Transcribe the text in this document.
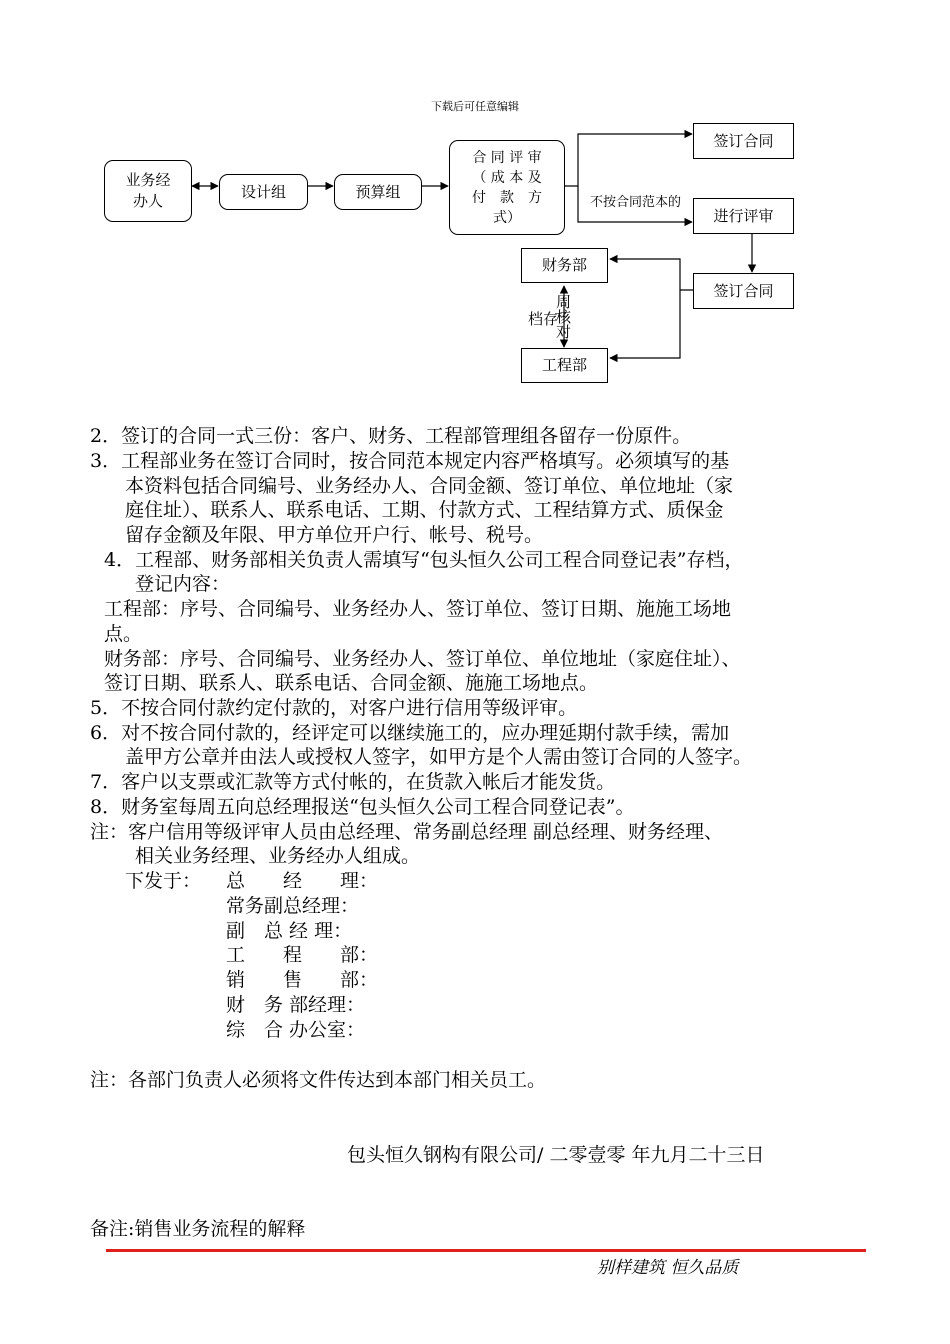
下载后可任意编辑
业务经
办人
设计组	预算组
合 同 评 审
（ 成 本 及
付　款　方
式）
签订合同
不按合同范本的
进行评审
签订合同
财务部
工程部
档存
周
核
对
2．签订的合同一式三份：客户、财务、工程部管理组各留存一份原件。
3．工程部业务在签订合同时，按合同范本规定内容严格填写。必须填写的基
本资料包括合同编号、业务经办人、合同金额、签订单位、单位地址（家
庭住址）、联系人、联系电话、工期、付款方式、工程结算方式、质保金
留存金额及年限、甲方单位开户行、帐号、税号。
4．工程部、财务部相关负责人需填写“包头恒久公司工程合同登记表”存档，
登记内容：
工程部：序号、合同编号、业务经办人、签订单位、签订日期、施施工场地
点。
财务部：序号、合同编号、业务经办人、签订单位、单位地址（家庭住址）、
签订日期、联系人、联系电话、合同金额、施施工场地点。
5．不按合同付款约定付款的，对客户进行信用等级评审。
6．对不按合同付款的，经评定可以继续施工的，应办理延期付款手续，需加
盖甲方公章并由法人或授权人签字，如甲方是个人需由签订合同的人签字。
7．客户以支票或汇款等方式付帐的，在货款入帐后才能发货。
8．财务室每周五向总经理报送“包头恒久公司工程合同登记表”。
注：客户信用等级评审人员由总经理、常务副总经理 副总经理、财务经理、
相关业务经理、业务经办人组成。
下发于： 总　　经　　理：
常务副总经理：
副　总 经 理：
工　　程　　部：
销　　售　　部：
财　务 部经理：
综　合 办公室：
注：各部门负责人必须将文件传达到本部门相关员工。
包头恒久钢构有限公司/ 二零壹零 年九月二十三日
备注:销售业务流程的解释
别样建筑 恒久品质
